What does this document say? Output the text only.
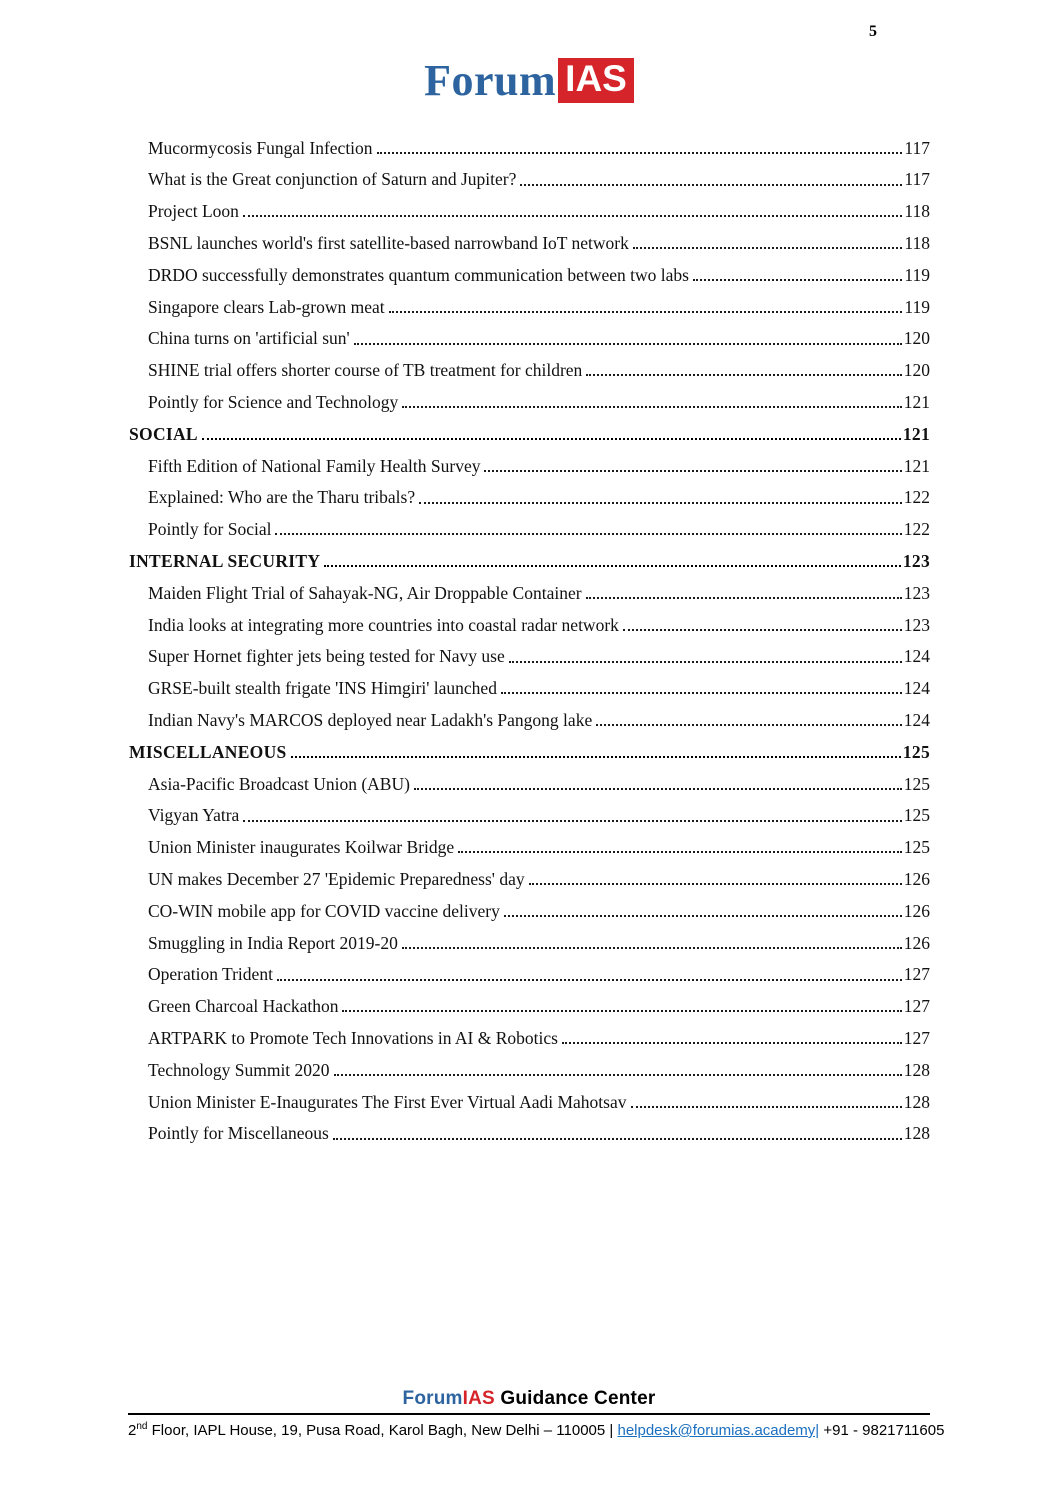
Forum IAS
5
Mucormycosis Fungal Infection	117
What is the Great conjunction of Saturn and Jupiter?	117
Project Loon	118
BSNL launches world's first satellite-based narrowband IoT network	118
DRDO successfully demonstrates quantum communication between two labs	119
Singapore clears Lab-grown meat	119
China turns on 'artificial sun'	120
SHINE trial offers shorter course of TB treatment for children	120
Pointly for Science and Technology	121
SOCIAL	121
Fifth Edition of National Family Health Survey	121
Explained: Who are the Tharu tribals?	122
Pointly for Social	122
INTERNAL SECURITY	123
Maiden Flight Trial of Sahayak-NG, Air Droppable Container	123
India looks at integrating more countries into coastal radar network	123
Super Hornet fighter jets being tested for Navy use	124
GRSE-built stealth frigate 'INS Himgiri' launched	124
Indian Navy's MARCOS deployed near Ladakh's Pangong lake	124
MISCELLANEOUS	125
Asia-Pacific Broadcast Union (ABU)	125
Vigyan Yatra	125
Union Minister inaugurates Koilwar Bridge	125
UN makes December 27 'Epidemic Preparedness' day	126
CO-WIN mobile app for COVID vaccine delivery	126
Smuggling in India Report 2019-20	126
Operation Trident	127
Green Charcoal Hackathon	127
ARTPARK to Promote Tech Innovations in AI & Robotics	127
Technology Summit 2020	128
Union Minister E-Inaugurates The First Ever Virtual Aadi Mahotsav	128
Pointly for Miscellaneous	128
ForumIAS Guidance Center
2nd Floor, IAPL House, 19, Pusa Road, Karol Bagh, New Delhi – 110005 | helpdesk@forumias.academy| +91 - 9821711605
